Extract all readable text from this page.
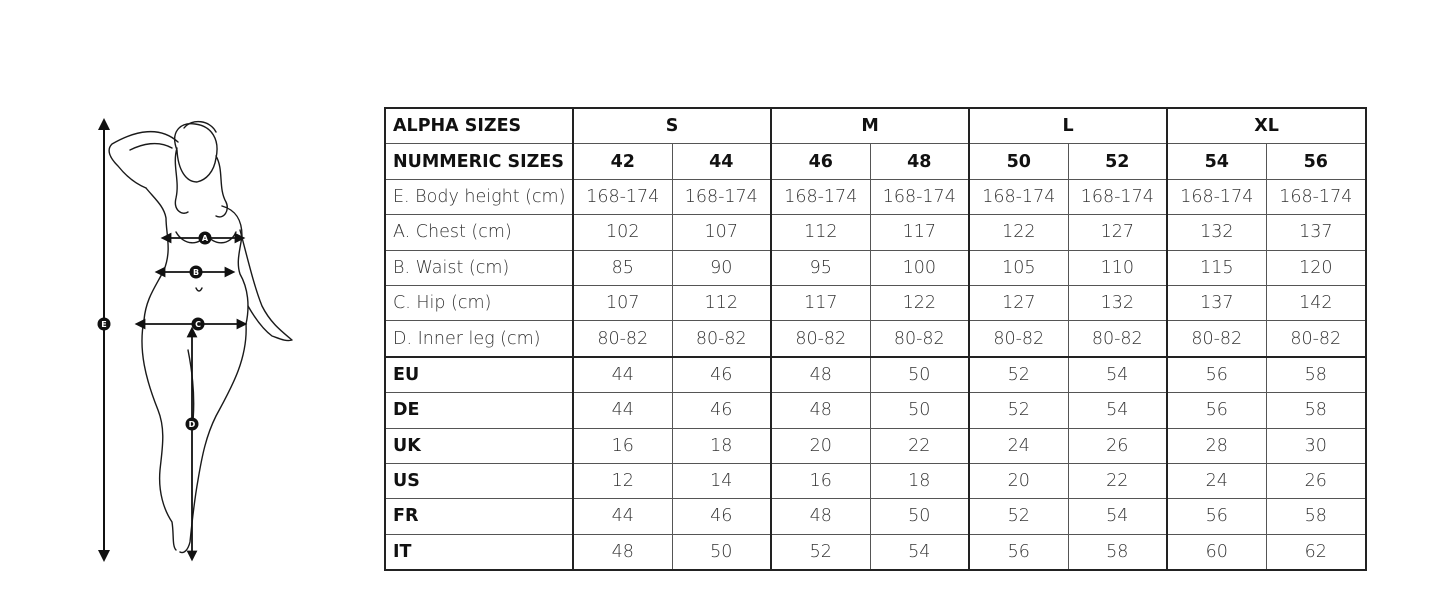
A
B
C
D
E
ALPHA SIZES	S		M		L		XL	
NUMMERIC SIZES	42	44	46	48	50	52	54	56
E. Body height (cm)	168-174	168-174	168-174	168-174	168-174	168-174	168-174	168-174
A. Chest (cm)	102	107	112	117	122	127	132	137
B. Waist (cm)	85	90	95	100	105	110	115	120
C. Hip (cm)	107	112	117	122	127	132	137	142
D. Inner leg (cm)	80-82	80-82	80-82	80-82	80-82	80-82	80-82	80-82
EU	44	46	48	50	52	54	56	58
DE	44	46	48	50	52	54	56	58
UK	16	18	20	22	24	26	28	30
US	12	14	16	18	20	22	24	26
FR	44	46	48	50	52	54	56	58
IT	48	50	52	54	56	58	60	62
